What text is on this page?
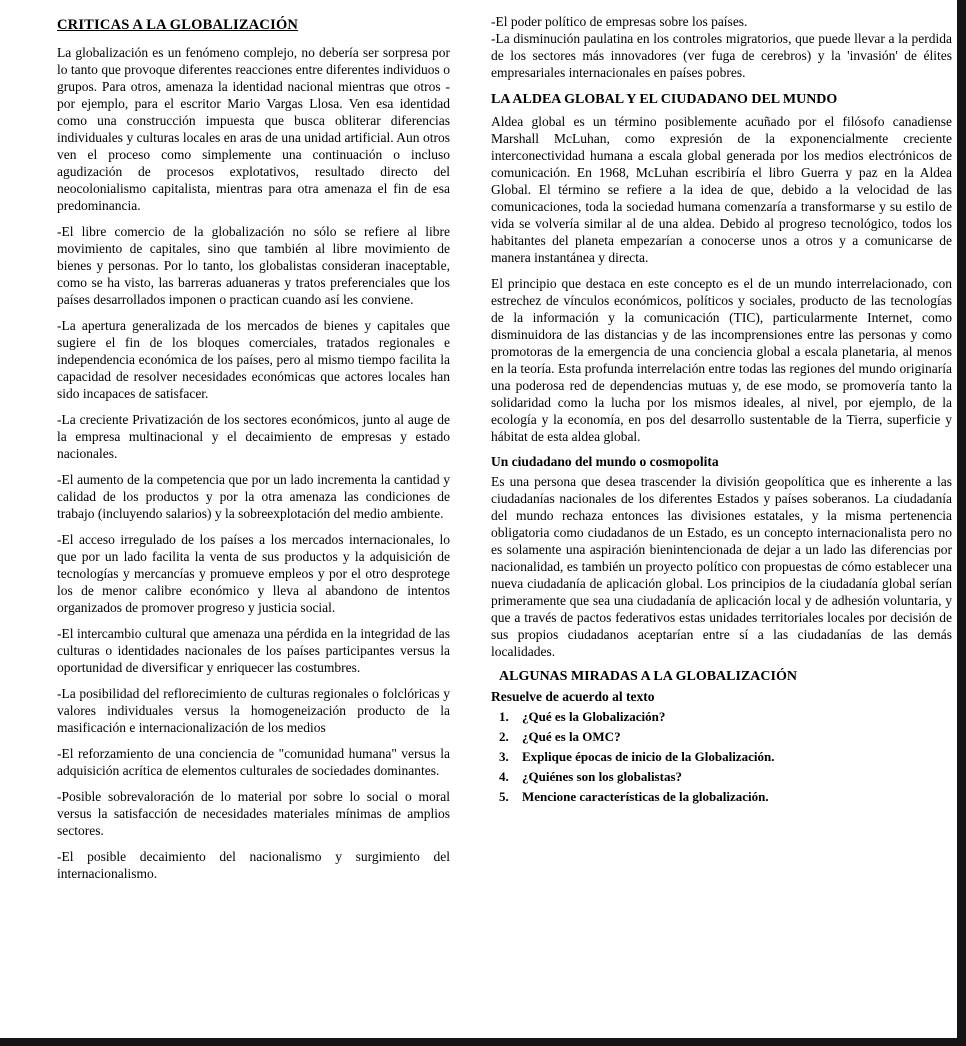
CRITICAS A LA GLOBALIZACIÓN

La globalización es un fenómeno complejo, no debería ser sorpresa por lo tanto que provoque diferentes reacciones entre diferentes individuos o grupos. Para otros, amenaza la identidad nacional mientras que otros -por ejemplo, para el escritor Mario Vargas Llosa. Ven esa identidad como una construcción impuesta que busca obliterar diferencias individuales y culturas locales en aras de una unidad artificial. Aun otros ven el proceso como simplemente una continuación o incluso agudización de procesos explotativos, resultado directo del neocolonialismo capitalista, mientras para otra amenaza el fin de esa predominancia.

-El libre comercio de la globalización no sólo se refiere al libre movimiento de capitales, sino que también al libre movimiento de bienes y personas. Por lo tanto, los globalistas consideran inaceptable, como se ha visto, las barreras aduaneras y tratos preferenciales que los países desarrollados imponen o practican cuando así les conviene.

-La apertura generalizada de los mercados de bienes y capitales que sugiere el fin de los bloques comerciales, tratados regionales e independencia económica de los países, pero al mismo tiempo facilita la capacidad de resolver necesidades económicas que actores locales han sido incapaces de satisfacer.

-La creciente Privatización de los sectores económicos, junto al auge de la empresa multinacional y el decaimiento de empresas y estado nacionales.

-El aumento de la competencia que por un lado incrementa la cantidad y calidad de los productos y por la otra amenaza las condiciones de trabajo (incluyendo salarios) y la sobreexplotación del medio ambiente.

-El acceso irregulado de los países a los mercados internacionales, lo que por un lado facilita la venta de sus productos y la adquisición de tecnologías y mercancías y promueve empleos y por el otro desprotege los de menor calibre económico y lleva al abandono de intentos organizados de promover progreso y justicia social.

-El intercambio cultural que amenaza una pérdida en la integridad de las culturas o identidades nacionales de los países participantes versus la oportunidad de diversificar y enriquecer las costumbres.

-La posibilidad del reflorecimiento de culturas regionales o folclóricas y valores individuales versus la homogeneización producto de la masificación e internacionalización de los medios

-El reforzamiento de una conciencia de "comunidad humana" versus la adquisición acrítica de elementos culturales de sociedades dominantes.

-Posible sobrevaloración de lo material por sobre lo social o moral versus la satisfacción de necesidades materiales mínimas de amplios sectores.

-El posible decaimiento del nacionalismo y surgimiento del internacionalismo.

-El poder político de empresas sobre los países.

-La disminución paulatina en los controles migratorios, que puede llevar a la perdida de los sectores más innovadores (ver fuga de cerebros) y la 'invasión' de élites empresariales internacionales en países pobres.

LA ALDEA GLOBAL Y EL CIUDADANO DEL MUNDO

Aldea global es un término posiblemente acuñado por el filósofo canadiense Marshall McLuhan, como expresión de la exponencialmente creciente interconectividad humana a escala global generada por los medios electrónicos de comunicación. En 1968, McLuhan escribiría el libro Guerra y paz en la Aldea Global. El término se refiere a la idea de que, debido a la velocidad de las comunicaciones, toda la sociedad humana comenzaría a transformarse y su estilo de vida se volvería similar al de una aldea. Debido al progreso tecnológico, todos los habitantes del planeta empezarían a conocerse unos a otros y a comunicarse de manera instantánea y directa.

El principio que destaca en este concepto es el de un mundo interrelacionado, con estrechez de vínculos económicos, políticos y sociales, producto de las tecnologías de la información y la comunicación (TIC), particularmente Internet, como disminuidora de las distancias y de las incomprensiones entre las personas y como promotoras de la emergencia de una conciencia global a escala planetaria, al menos en la teoría. Esta profunda interrelación entre todas las regiones del mundo originaría una poderosa red de dependencias mutuas y, de ese modo, se promovería tanto la solidaridad como la lucha por los mismos ideales, al nivel, por ejemplo, de la ecología y la economía, en pos del desarrollo sustentable de la Tierra, superficie y hábitat de esta aldea global.

Un ciudadano del mundo o cosmopolita

Es una persona que desea trascender la división geopolítica que es inherente a las ciudadanías nacionales de los diferentes Estados y países soberanos. La ciudadanía del mundo rechaza entonces las divisiones estatales, y la misma pertenencia obligatoria como ciudadanos de un Estado, es un concepto internacionalista pero no es solamente una aspiración bienintencionada de dejar a un lado las diferencias por nacionalidad, es también un proyecto político con propuestas de cómo establecer una nueva ciudadanía de aplicación global. Los principios de la ciudadanía global serían primeramente que sea una ciudadanía de aplicación local y de adhesión voluntaria, y que a través de pactos federativos estas unidades territoriales locales por decisión de sus propios ciudadanos aceptarían entre sí a las ciudadanías de las demás localidades.

ALGUNAS MIRADAS A LA GLOBALIZACIÓN
Resuelve de acuerdo al texto
1.	¿Qué es la Globalización?
2.	¿Qué es la OMC?
3.	Explique épocas de inicio de la Globalización.
4.	¿Quiénes son los globalistas?
5.	Mencione características de la globalización.
